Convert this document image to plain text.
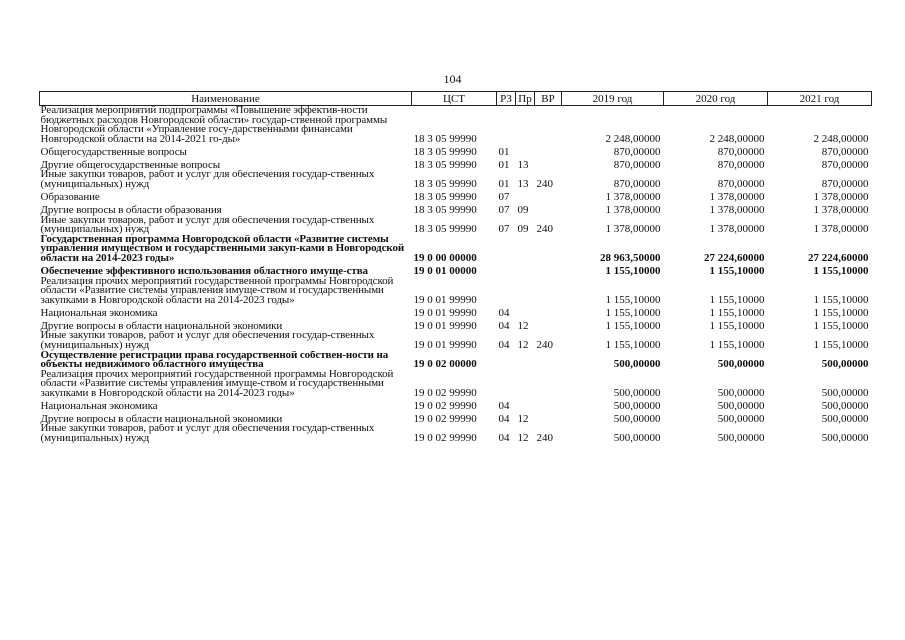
104
Наименование	ЦСТ	РЗ	Пр	ВР	2019 год	2020 год	2021 год
Реализация мероприятий подпрограммы «Повышение эффектив-ности бюджетных расходов Новгородской области» государ-ственной программы Новгородской области «Управление госу-дарственными финансами Новгородской области на 2014-2021 го-ды»	18 3 05 99990				2 248,00000	2 248,00000	2 248,00000
Общегосударственные вопросы	18 3 05 99990	01			870,00000	870,00000	870,00000
Другие общегосударственные вопросы	18 3 05 99990	01	13		870,00000	870,00000	870,00000
Иные закупки товаров, работ и услуг для обеспечения государ-ственных (муниципальных) нужд	18 3 05 99990	01	13	240	870,00000	870,00000	870,00000
Образование	18 3 05 99990	07			1 378,00000	1 378,00000	1 378,00000
Другие вопросы в области образования	18 3 05 99990	07	09		1 378,00000	1 378,00000	1 378,00000
Иные закупки товаров, работ и услуг для обеспечения государ-ственных (муниципальных) нужд	18 3 05 99990	07	09	240	1 378,00000	1 378,00000	1 378,00000
Государственная программа Новгородской области «Развитие системы управления имуществом и государственными закуп-ками в Новгородской области на 2014-2023 годы»	19 0 00 00000				28 963,50000	27 224,60000	27 224,60000
Обеспечение эффективного использования областного имуще-ства	19 0 01 00000				1 155,10000	1 155,10000	1 155,10000
Реализация прочих мероприятий государственной программы Новгородской области «Развитие системы управления имуще-ством и государственными закупками в Новгородской области на 2014-2023 годы»	19 0 01 99990				1 155,10000	1 155,10000	1 155,10000
Национальная экономика	19 0 01 99990	04			1 155,10000	1 155,10000	1 155,10000
Другие вопросы в области национальной экономики	19 0 01 99990	04	12		1 155,10000	1 155,10000	1 155,10000
Иные закупки товаров, работ и услуг для обеспечения государ-ственных (муниципальных) нужд	19 0 01 99990	04	12	240	1 155,10000	1 155,10000	1 155,10000
Осуществление регистрации права государственной собствен-ности на объекты недвижимого областного имущества	19 0 02 00000				500,00000	500,00000	500,00000
Реализация прочих мероприятий государственной программы Новгородской области «Развитие системы управления имуще-ством и государственными закупками в Новгородской области на 2014-2023 годы»	19 0 02 99990				500,00000	500,00000	500,00000
Национальная экономика	19 0 02 99990	04			500,00000	500,00000	500,00000
Другие вопросы в области национальной экономики	19 0 02 99990	04	12		500,00000	500,00000	500,00000
Иные закупки товаров, работ и услуг для обеспечения государ-ственных (муниципальных) нужд	19 0 02 99990	04	12	240	500,00000	500,00000	500,00000
